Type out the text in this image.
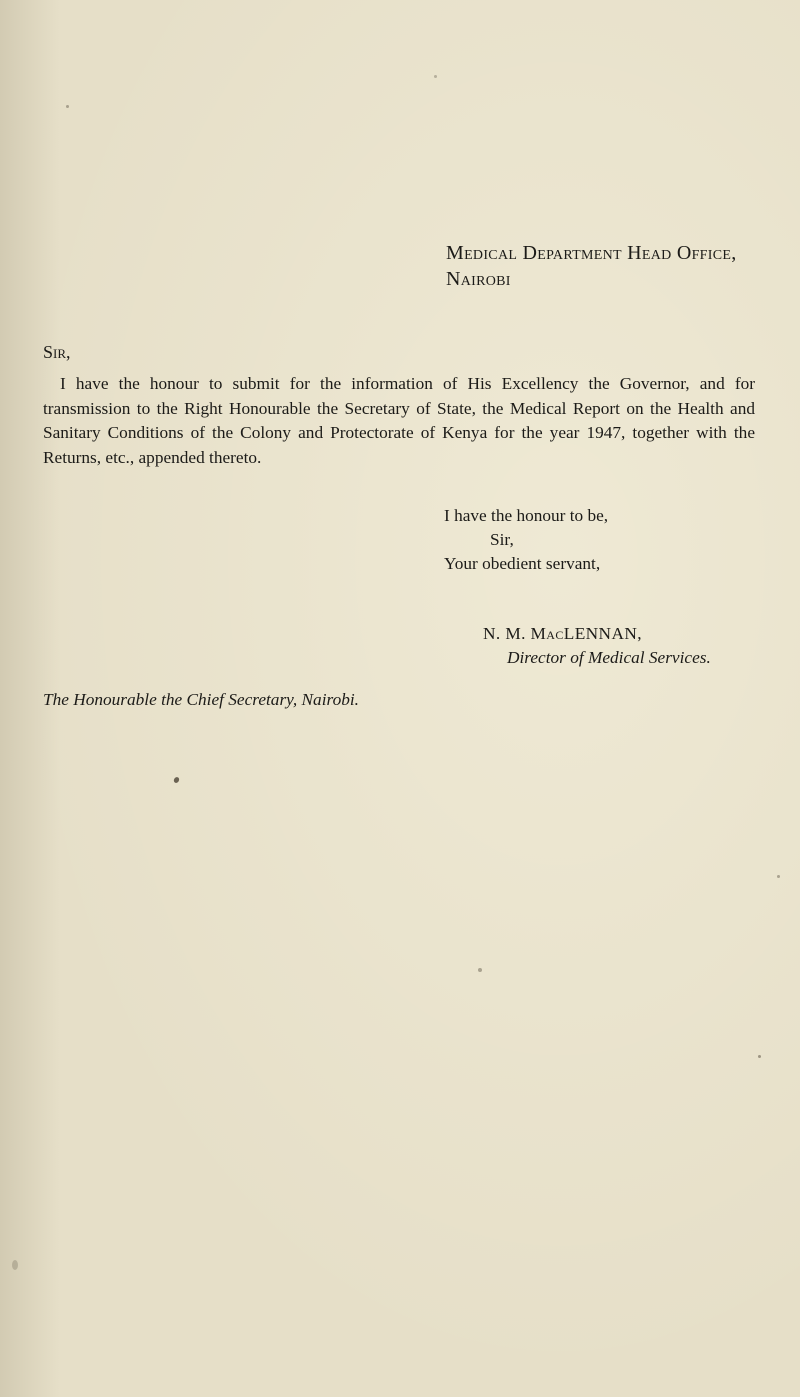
Medical Department Head Office,
Nairobi
Sir,
I have the honour to submit for the information of His Excellency the Governor, and for transmission to the Right Honourable the Secretary of State, the Medical Report on the Health and Sanitary Conditions of the Colony and Protectorate of Kenya for the year 1947, together with the Returns, etc., appended thereto.
I have the honour to be,
Sir,
Your obedient servant,
N. M. MacLENNAN,
Director of Medical Services.
The Honourable the Chief Secretary, Nairobi.
